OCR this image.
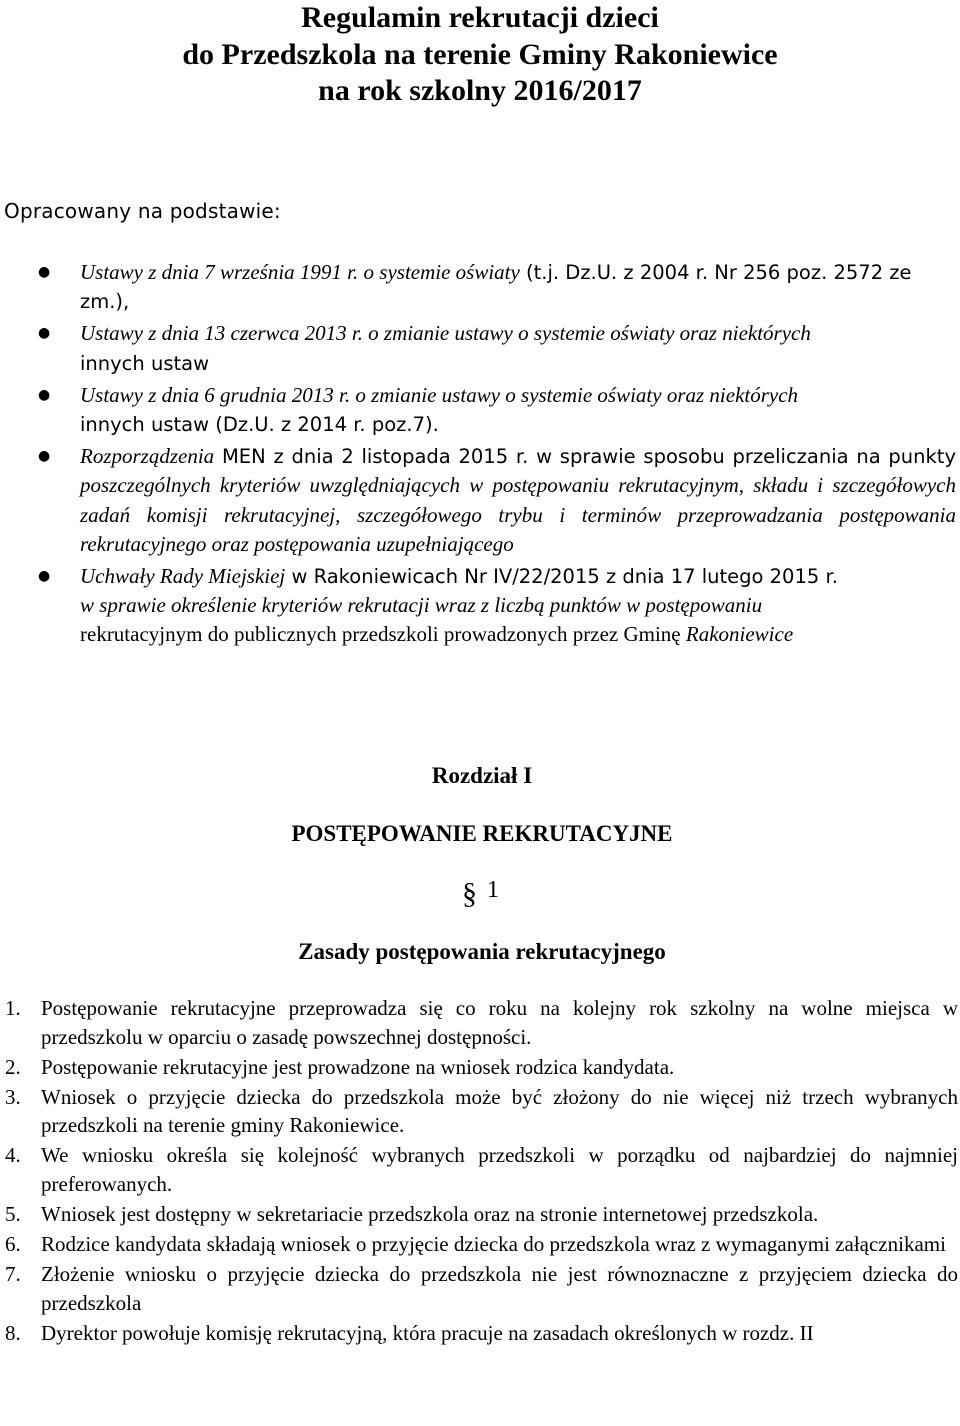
Regulamin rekrutacji dzieci
do Przedszkola na terenie Gminy Rakoniewice
na rok szkolny 2016/2017
Opracowany na podstawie:
● Ustawy z dnia 7 września 1991 r. o systemie oświaty (t.j. Dz.U. z 2004 r. Nr 256 poz. 2572 ze zm.),
● Ustawy z dnia 13 czerwca 2013 r. o zmianie ustawy o systemie oświaty oraz niektórych
innych ustaw
● Ustawy z dnia 6 grudnia 2013 r. o zmianie ustawy o systemie oświaty oraz niektórych
innych ustaw (Dz.U. z 2014 r. poz.7).
● Rozporządzenia MEN z dnia 2 listopada 2015 r. w sprawie sposobu przeliczania na punkty poszczególnych kryteriów uwzględniających w postępowaniu rekrutacyjnym, składu i szczegółowych zadań komisji rekrutacyjnej, szczegółowego trybu i terminów przeprowadzania postępowania rekrutacyjnego oraz postępowania uzupełniającego
● Uchwały Rady Miejskiej w Rakoniewicach Nr IV/22/2015 z dnia 17 lutego 2015 r.
w sprawie określenie kryteriów rekrutacji wraz z liczbą punktów w postępowaniu
rekrutacyjnym do publicznych przedszkoli prowadzonych przez Gminę Rakoniewice
Rozdział I
POSTĘPOWANIE REKRUTACYJNE
§ 1
Zasady postępowania rekrutacyjnego
1. Postępowanie rekrutacyjne przeprowadza się co roku na kolejny rok szkolny na wolne miejsca w przedszkolu w oparciu o zasadę powszechnej dostępności.
2. Postępowanie rekrutacyjne jest prowadzone na wniosek rodzica kandydata.
3. Wniosek o przyjęcie dziecka do przedszkola może być złożony do nie więcej niż trzech wybranych przedszkoli na terenie gminy Rakoniewice.
4. We wniosku określa się kolejność wybranych przedszkoli w porządku od najbardziej do najmniej preferowanych.
5. Wniosek jest dostępny w sekretariacie przedszkola oraz na stronie internetowej przedszkola.
6. Rodzice kandydata składają wniosek o przyjęcie dziecka do przedszkola wraz z wymaganymi załącznikami
7. Złożenie wniosku o przyjęcie dziecka do przedszkola nie jest równoznaczne z przyjęciem dziecka do przedszkola
8. Dyrektor powołuje komisję rekrutacyjną, która pracuje na zasadach określonych w rozdz. II
